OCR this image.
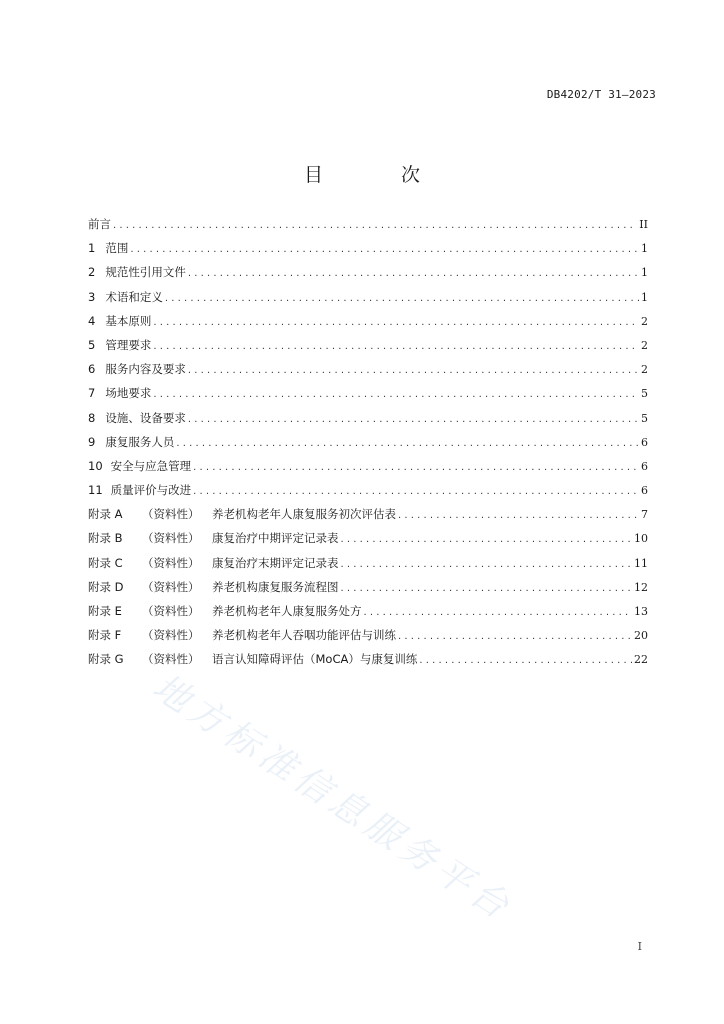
DB4202/T 31—2023
目 次
前言 .....	II
1 范围 .....	1
2 规范性引用文件 .....	1
3 术语和定义 .....	1
4 基本原则 .....	2
5 管理要求 .....	2
6 服务内容及要求 .....	2
7 场地要求 .....	5
8 设施、设备要求 .....	5
9 康复服务人员 .....	6
10 安全与应急管理 .....	6
11 质量评价与改进 .....	6
附录 A	（资料性）	养老机构老年人康复服务初次评估表 .....	7
附录 B	（资料性）	康复治疗中期评定记录表 .....	10
附录 C	（资料性）	康复治疗末期评定记录表 .....	11
附录 D	（资料性）	养老机构康复服务流程图 .....	12
附录 E	（资料性）	养老机构老年人康复服务处方 .....	13
附录 F	（资料性）	养老机构老年人吞咽功能评估与训练 .....	20
附录 G	（资料性）	语言认知障碍评估（MoCA）与康复训练 .....	22
地方标准信息服务平台
I
